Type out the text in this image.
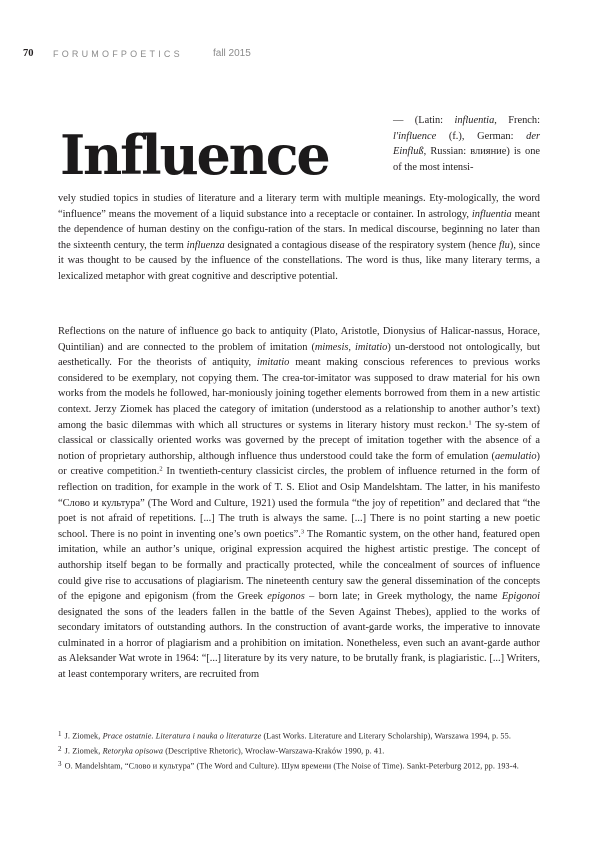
70 FORUMOFPOETICS	fall 2015
Influence
— (Latin: influentia, French: l'influence (f.), German: der Einfluß, Russian: влияние) is one of the most intensi-

vely studied topics in studies of literature and a literary term with multiple meanings. Ety-mologically, the word “influence” means the movement of a liquid substance into a receptacle or container. In astrology, influentia meant the dependence of human destiny on the configu-ration of the stars. In medical discourse, beginning no later than the sixteenth century, the term influenza designated a contagious disease of the respiratory system (hence flu), since it was thought to be caused by the influence of the constellations. The word is thus, like many literary terms, a lexicalized metaphor with great cognitive and descriptive potential.

Reflections on the nature of influence go back to antiquity (Plato, Aristotle, Dionysius of Halicar-nassus, Horace, Quintilian) and are connected to the problem of imitation (mimesis, imitatio) un-derstood not ontologically, but aesthetically. For the theorists of antiquity, imitatio meant making conscious references to previous works considered to be exemplary, not copying them. The crea-tor-imitator was supposed to draw material for his own works from the models he followed, har-moniously joining together elements borrowed from them in a new artistic context. Jerzy Ziomek has placed the category of imitation (understood as a relationship to another author’s text) among the basic dilemmas with which all structures or systems in literary history must reckon.$^1$ The sy-stem of classical or classically oriented works was governed by the precept of imitation together with the absence of a notion of proprietary authorship, although influence thus understood could take the form of emulation (aemulatio) or creative competition.$^2$ In twentieth-century classicist circles, the problem of influence returned in the form of reflection on tradition, for example in the work of T. S. Eliot and Osip Mandelshtam. The latter, in his manifesto “Слово и культура” (The Word and Culture, 1921) used the formula “the joy of repetition” and declared that “the poet is not afraid of repetitions. [...] The truth is always the same. [...] There is no point starting a new poetic school. There is no point in inventing one’s own poetics”.$^3$ The Romantic system, on the other hand, featured open imitation, while an author’s unique, original expression acquired the highest artistic prestige. The concept of authorship itself began to be formally and practically protected, while the concealment of sources of influence could give rise to accusations of plagiarism. The nineteenth century saw the general dissemination of the concepts of the epigone and epigonism (from the Greek epigonos – born late; in Greek mythology, the name Epigonoi designated the sons of the leaders fallen in the battle of the Seven Against Thebes), applied to the works of secondary imitators of outstanding authors. In the construction of avant-garde works, the imperative to innovate culminated in a horror of plagiarism and a prohibition on imitation. Nonetheless, even such an avant-garde author as Aleksander Wat wrote in 1964: “[...] literature by its very nature, to be brutally frank, is plagiaristic. [...] Writers, at least contemporary writers, are recruited from

1 J. Ziomek, Prace ostatnie. Literatura i nauka o literaturze (Last Works. Literature and Literary Scholarship), Warszawa 1994, p. 55.
2 J. Ziomek, Retoryka opisowa (Descriptive Rhetoric), Wrocław-Warszawa-Kraków 1990, p. 41.
3 O. Mandelshtam, “Слово и культура” (The Word and Culture). Шум времени (The Noise of Time). Sankt-Peterburg 2012, pp. 193-4.
